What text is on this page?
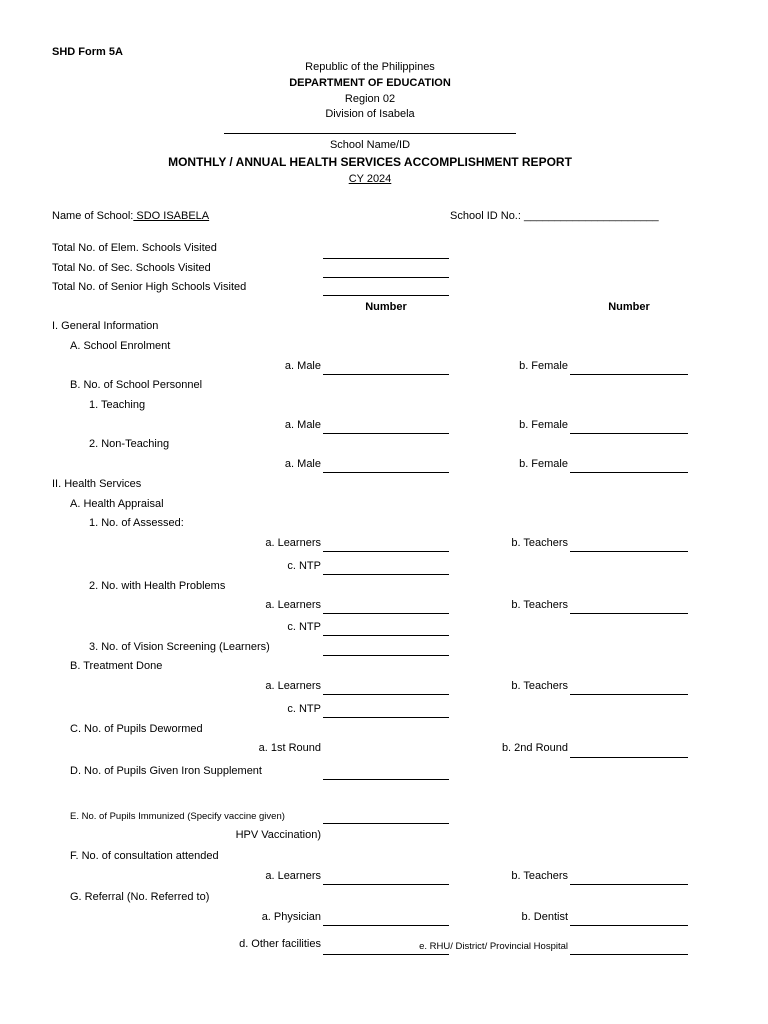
SHD Form 5A
Republic of the Philippines
DEPARTMENT OF EDUCATION
Region 02
Division of Isabela
School Name/ID
MONTHLY / ANNUAL HEALTH SERVICES ACCOMPLISHMENT REPORT
CY 2024
Name of School: SDO ISABELA	School ID No.: ______________________
Total No. of Elem. Schools Visited
Total No. of Sec. Schools Visited
Total No. of Senior High Schools Visited
Number	Number
I. General Information
A. School Enrolment
a. Male	b. Female
B. No. of School Personnel
1. Teaching
a. Male	b. Female
2. Non-Teaching
a. Male	b. Female
II. Health Services
A. Health Appraisal
1. No. of Assessed:
a. Learners	b. Teachers
c. NTP
2. No. with Health Problems
a. Learners	b. Teachers
c. NTP
3. No. of Vision Screening (Learners)
B. Treatment Done
a. Learners	b. Teachers
c. NTP
C. No. of Pupils Dewormed
a. 1st Round	b. 2nd Round
D. No. of Pupils Given Iron Supplement
E. No. of Pupils Immunized (Specify vaccine given)
HPV Vaccination)
F. No. of consultation attended
a. Learners	b. Teachers
G. Referral (No. Referred to)
a. Physician	b. Dentist
d. Other facilities	e. RHU/ District/ Provincial Hospital
